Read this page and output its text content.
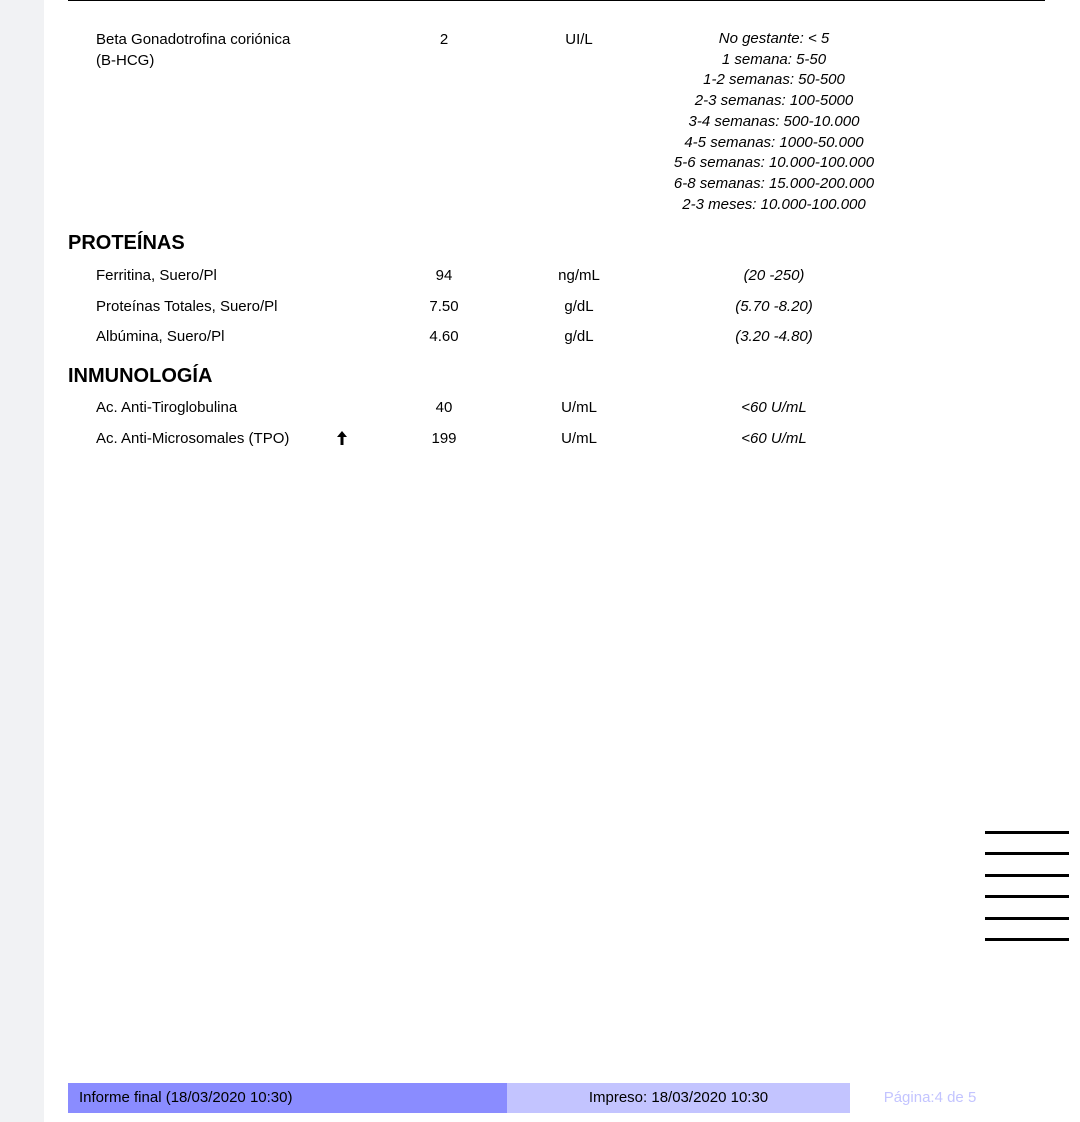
Beta Gonadotrofina coriónica
(B-HCG)
2	UI/L	No gestante: < 5
1 semana: 5-50
1-2 semanas: 50-500
2-3 semanas: 100-5000
3-4 semanas: 500-10.000
4-5 semanas: 1000-50.000
5-6 semanas: 10.000-100.000
6-8 semanas: 15.000-200.000
2-3 meses: 10.000-100.000
PROTEÍNAS
Ferritina, Suero/Pl	94	ng/mL	(20 -250)
Proteínas Totales, Suero/Pl	7.50	g/dL	(5.70 -8.20)
Albúmina, Suero/Pl	4.60	g/dL	(3.20 -4.80)
INMUNOLOGÍA
Ac. Anti-Tiroglobulina	40	U/mL	<60 U/mL
Ac. Anti-Microsomales (TPO)	199	U/mL	<60 U/mL
Informe final (18/03/2020 10:30)	Impreso: 18/03/2020 10:30	Página:4 de 5
